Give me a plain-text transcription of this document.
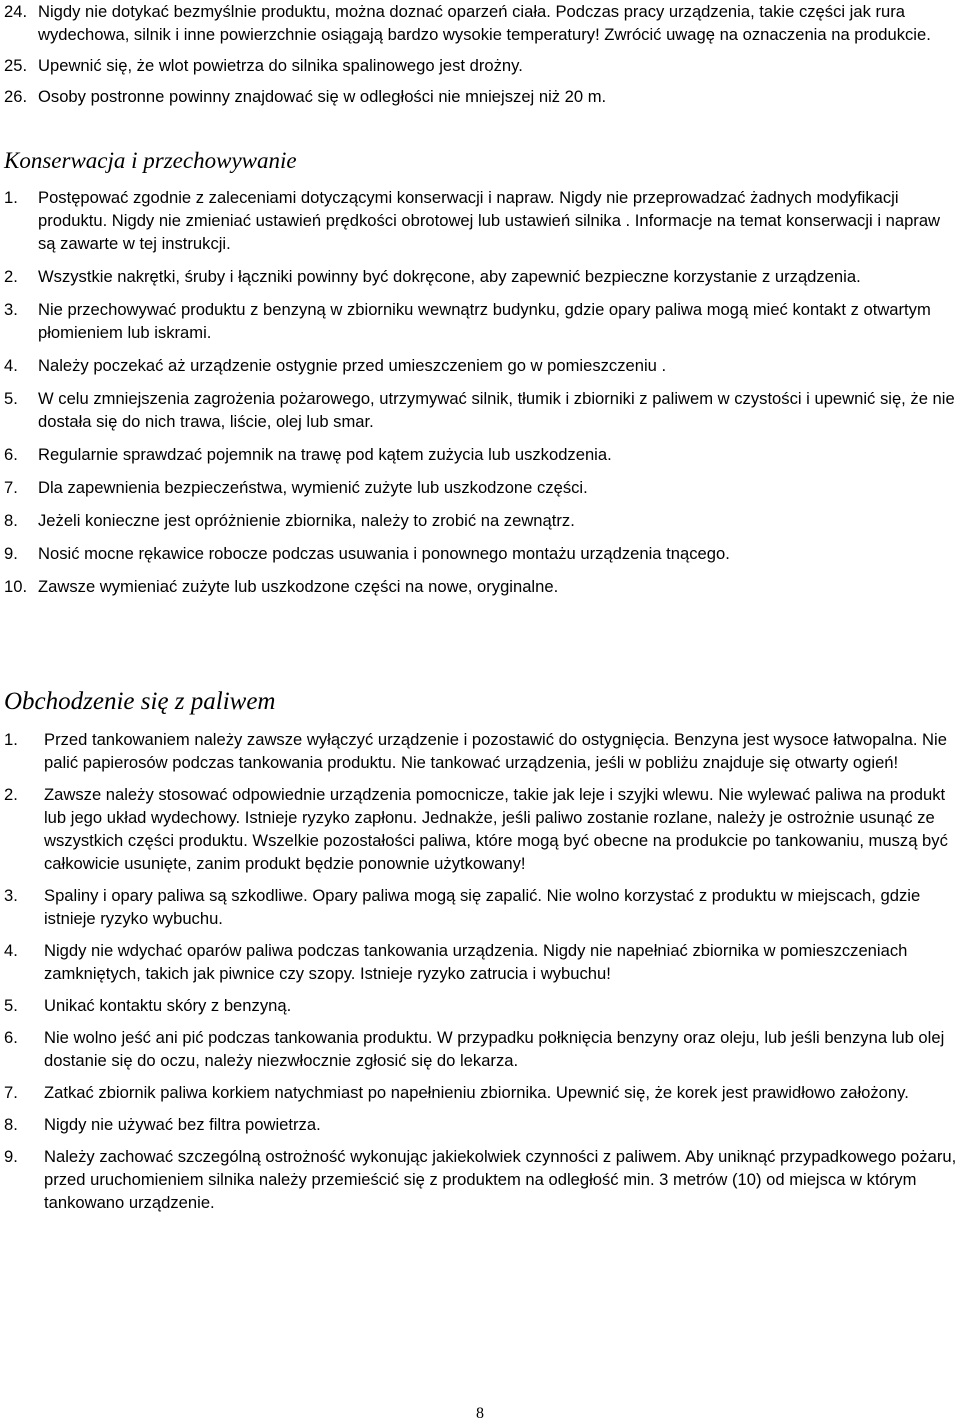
24. Nigdy nie dotykać bezmyślnie produktu, można doznać oparzeń ciała. Podczas pracy urządzenia, takie części jak rura wydechowa, silnik i inne powierzchnie osiągają bardzo wysokie temperatury! Zwrócić uwagę na oznaczenia na produkcie.
25. Upewnić się, że wlot powietrza do silnika spalinowego jest drożny.
26. Osoby postronne powinny znajdować się w odległości nie mniejszej niż 20 m.
Konserwacja i przechowywanie
1.	Postępować zgodnie z zaleceniami dotyczącymi konserwacji i napraw. Nigdy nie przeprowadzać żadnych modyfikacji produktu. Nigdy nie zmieniać ustawień prędkości obrotowej lub ustawień silnika . Informacje na temat konserwacji i napraw są zawarte w tej instrukcji.
2.	Wszystkie nakrętki, śruby i łączniki powinny być dokręcone, aby zapewnić bezpieczne korzystanie z urządzenia.
3.	Nie przechowywać produktu z benzyną w zbiorniku wewnątrz budynku, gdzie opary paliwa mogą mieć kontakt z otwartym płomieniem lub iskrami.
4.	Należy poczekać aż urządzenie ostygnie przed umieszczeniem go w pomieszczeniu .
5.	W celu zmniejszenia zagrożenia pożarowego, utrzymywać silnik, tłumik i zbiorniki z paliwem w czystości i upewnić się, że nie dostała się do nich trawa, liście, olej lub smar.
6.	Regularnie sprawdzać pojemnik na trawę pod kątem zużycia lub uszkodzenia.
7.	Dla zapewnienia bezpieczeństwa, wymienić zużyte lub uszkodzone części.
8.	Jeżeli konieczne jest opróżnienie zbiornika, należy to zrobić na zewnątrz.
9.	Nosić mocne rękawice robocze podczas usuwania i ponownego montażu urządzenia tnącego.
10. Zawsze wymieniać zużyte lub uszkodzone części na nowe, oryginalne.
Obchodzenie się z paliwem
1.	Przed tankowaniem należy zawsze wyłączyć urządzenie i pozostawić do ostygnięcia. Benzyna jest wysoce łatwopalna. Nie palić papierosów podczas tankowania produktu. Nie tankować urządzenia, jeśli w pobliżu znajduje się otwarty ogień!
2.	Zawsze należy stosować odpowiednie urządzenia pomocnicze, takie jak leje i szyjki wlewu. Nie wylewać paliwa na produkt lub jego układ wydechowy. Istnieje ryzyko zapłonu. Jednakże, jeśli paliwo zostanie rozlane, należy je ostrożnie usunąć ze wszystkich części produktu. Wszelkie pozostałości paliwa, które mogą być obecne na produkcie po tankowaniu, muszą być całkowicie usunięte, zanim produkt będzie ponownie użytkowany!
3.	Spaliny i opary paliwa są szkodliwe. Opary paliwa mogą się zapalić. Nie wolno korzystać z produktu w miejscach, gdzie istnieje ryzyko wybuchu.
4.	Nigdy nie wdychać oparów paliwa podczas tankowania urządzenia. Nigdy nie napełniać zbiornika w pomieszczeniach zamkniętych, takich jak piwnice czy szopy. Istnieje ryzyko zatrucia i wybuchu!
5.	Unikać kontaktu skóry z benzyną.
6.	Nie wolno jeść ani pić podczas tankowania produktu. W przypadku połknięcia benzyny oraz oleju, lub jeśli benzyna lub olej dostanie się do oczu, należy niezwłocznie zgłosić się do lekarza.
7.	Zatkać zbiornik paliwa korkiem natychmiast po napełnieniu zbiornika. Upewnić się, że korek jest prawidłowo założony.
8.	Nigdy nie używać bez filtra powietrza.
9.	Należy zachować szczególną ostrożność wykonując jakiekolwiek czynności z paliwem. Aby uniknąć przypadkowego pożaru, przed uruchomieniem silnika należy przemieścić się z produktem na odległość min. 3 metrów (10) od miejsca w którym tankowano urządzenie.
8
